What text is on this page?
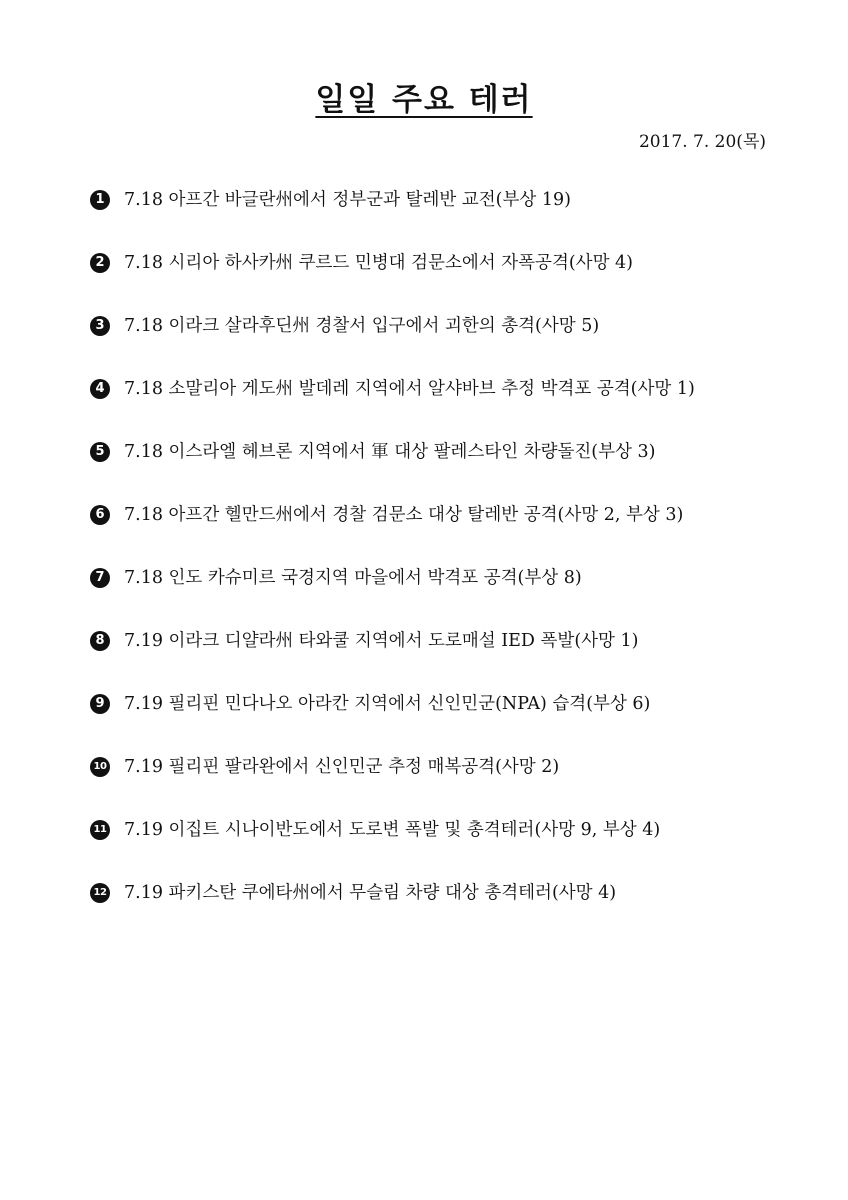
일일 주요 테러
2017. 7. 20(목)
1	7.18 아프간 바글란州에서 정부군과 탈레반 교전(부상 19)
2	7.18 시리아 하사카州 쿠르드 민병대 검문소에서 자폭공격(사망 4)
3	7.18 이라크 살라후딘州 경찰서 입구에서 괴한의 총격(사망 5)
4	7.18 소말리아 게도州 발데레 지역에서 알샤바브 추정 박격포 공격(사망 1)
5	7.18 이스라엘 헤브론 지역에서 軍 대상 팔레스타인 차량돌진(부상 3)
6	7.18 아프간 헬만드州에서 경찰 검문소 대상 탈레반 공격(사망 2, 부상 3)
7	7.18 인도 카슈미르 국경지역 마을에서 박격포 공격(부상 8)
8	7.19 이라크 디얄라州 타와쿨 지역에서 도로매설 IED 폭발(사망 1)
9	7.19 필리핀 민다나오 아라칸 지역에서 신인민군(NPA) 습격(부상 6)
10 7.19 필리핀 팔라완에서 신인민군 추정 매복공격(사망 2)
11 7.19 이집트 시나이반도에서 도로변 폭발 및 총격테러(사망 9, 부상 4)
12 7.19 파키스탄 쿠에타州에서 무슬림 차량 대상 총격테러(사망 4)
